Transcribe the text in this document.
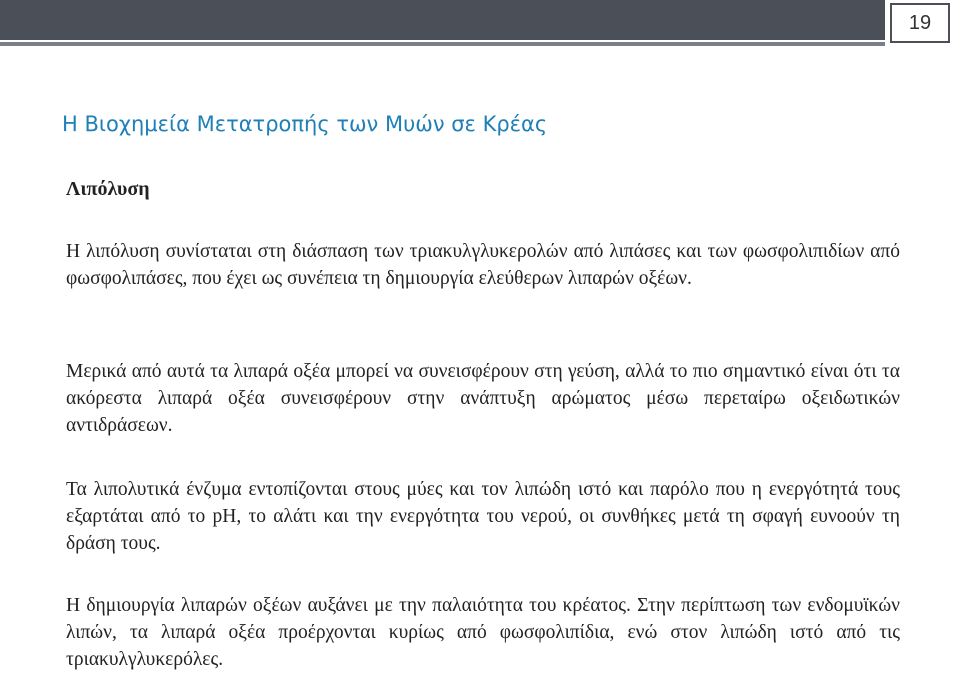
19
Η Βιοχημεία Μετατροπής των Μυών σε Κρέας
Λιπόλυση

Η λιπόλυση συνίσταται στη διάσπαση των τριακυλγλυκερολών από λιπάσες και των φωσφολιπιδίων από φωσφολιπάσες, που έχει ως συνέπεια τη δημιουργία ελεύθερων λιπαρών οξέων.

Μερικά από αυτά τα λιπαρά οξέα μπορεί να συνεισφέρουν στη γεύση, αλλά το πιο σημαντικό είναι ότι τα ακόρεστα λιπαρά οξέα συνεισφέρουν στην ανάπτυξη αρώματος μέσω περεταίρω οξειδωτικών αντιδράσεων.

Τα λιπολυτικά ένζυμα εντοπίζονται στους μύες και τον λιπώδη ιστό και παρόλο που η ενεργότητά τους εξαρτάται από το pH, το αλάτι και την ενεργότητα του νερού, οι συνθήκες μετά τη σφαγή ευνοούν τη δράση τους.

Η δημιουργία λιπαρών οξέων αυξάνει με την παλαιότητα του κρέατος. Στην περίπτωση των ενδομυϊκών λιπών, τα λιπαρά οξέα προέρχονται κυρίως από φωσφολιπίδια, ενώ στον λιπώδη ιστό από τις τριακυλγλυκερόλες.
